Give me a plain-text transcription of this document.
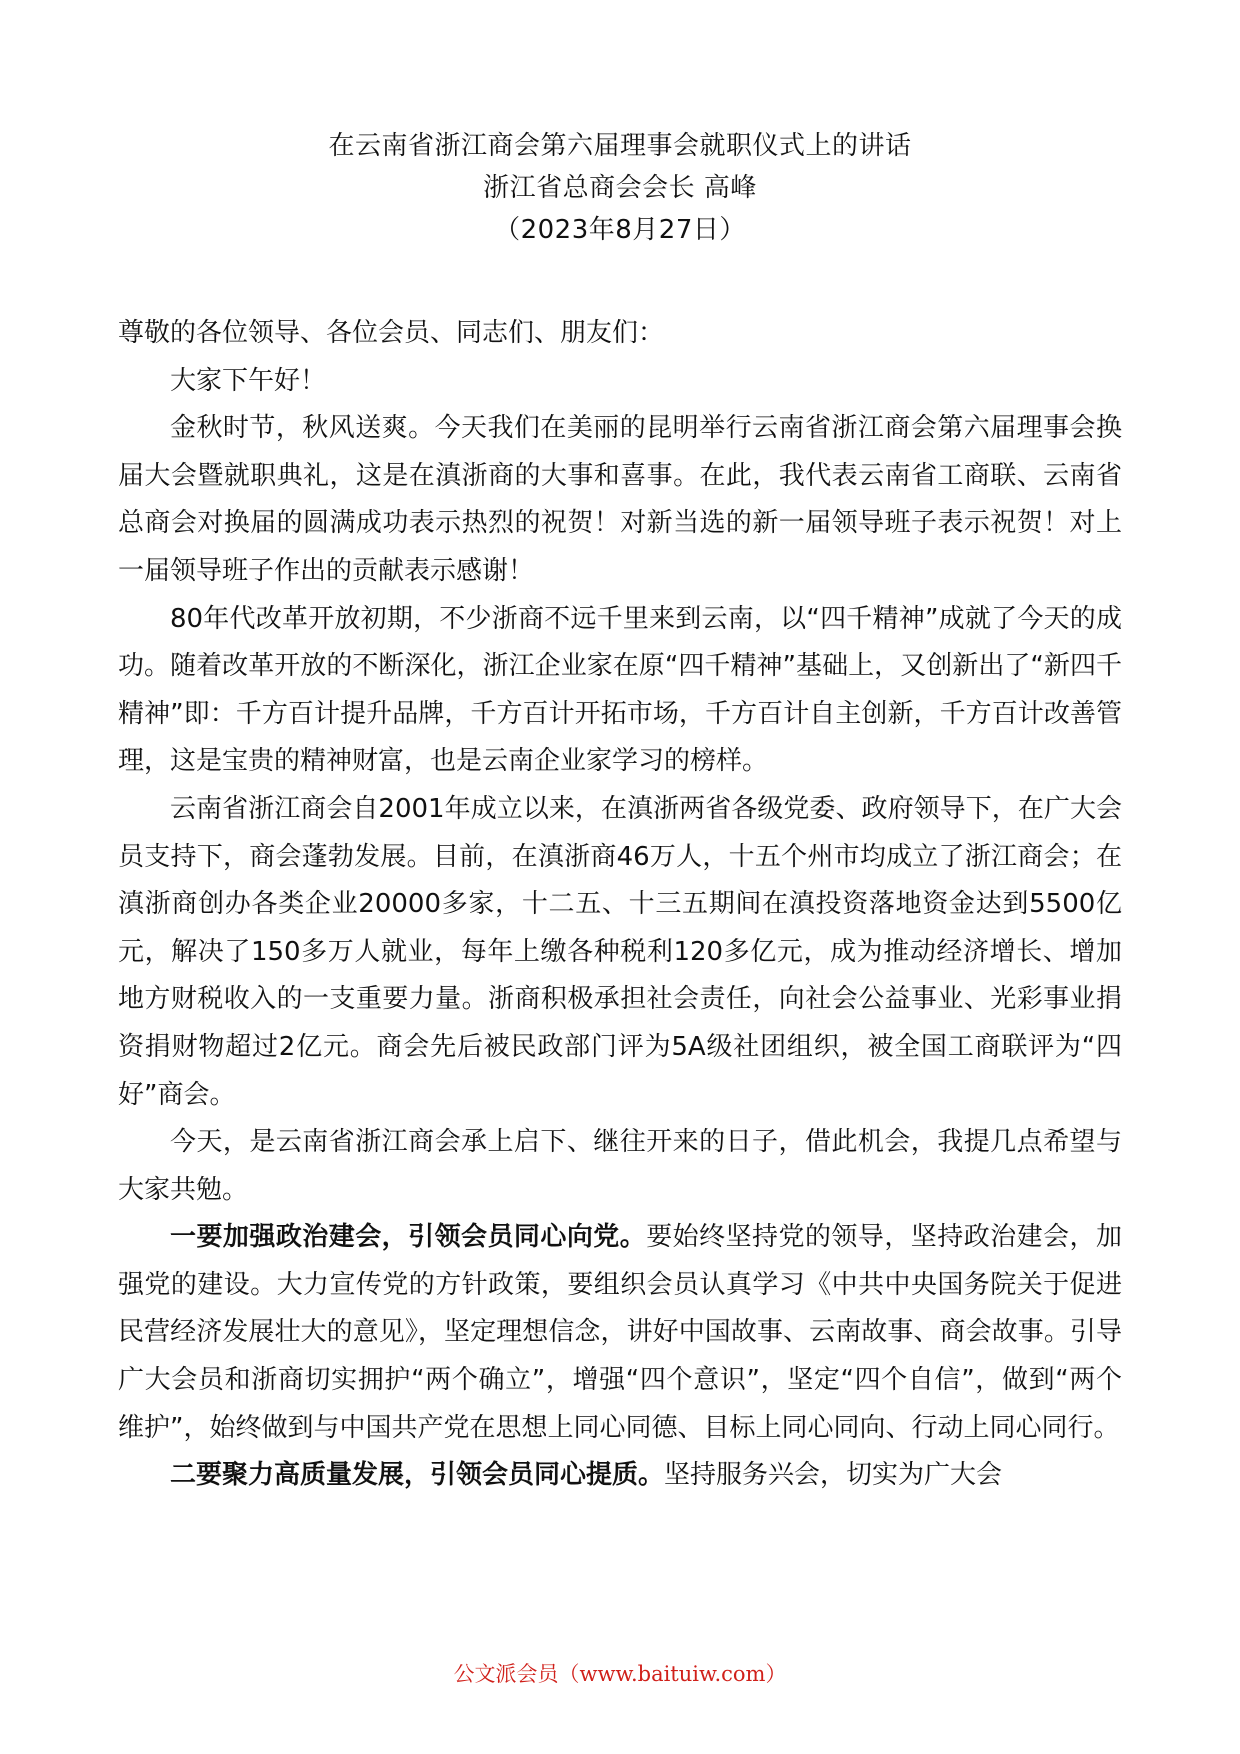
在云南省浙江商会第六届理事会就职仪式上的讲话
浙江省总商会会长 高峰
（2023年8月27日）

尊敬的各位领导、各位会员、同志们、朋友们：

大家下午好！

金秋时节，秋风送爽。今天我们在美丽的昆明举行云南省浙江商会第六届理事会换届大会暨就职典礼，这是在滇浙商的大事和喜事。在此，我代表云南省工商联、云南省总商会对换届的圆满成功表示热烈的祝贺！对新当选的新一届领导班子表示祝贺！对上一届领导班子作出的贡献表示感谢！

80年代改革开放初期，不少浙商不远千里来到云南，以“四千精神”成就了今天的成功。随着改革开放的不断深化，浙江企业家在原“四千精神”基础上，又创新出了“新四千精神”即：千方百计提升品牌，千方百计开拓市场，千方百计自主创新，千方百计改善管理，这是宝贵的精神财富，也是云南企业家学习的榜样。

云南省浙江商会自2001年成立以来，在滇浙两省各级党委、政府领导下，在广大会员支持下，商会蓬勃发展。目前，在滇浙商46万人，十五个州市均成立了浙江商会；在滇浙商创办各类企业20000多家，十二五、十三五期间在滇投资落地资金达到5500亿元，解决了150多万人就业，每年上缴各种税利120多亿元，成为推动经济增长、增加地方财税收入的一支重要力量。浙商积极承担社会责任，向社会公益事业、光彩事业捐资捐财物超过2亿元。商会先后被民政部门评为5A级社团组织，被全国工商联评为“四好”商会。

今天，是云南省浙江商会承上启下、继往开来的日子，借此机会，我提几点希望与大家共勉。

一要加强政治建会，引领会员同心向党。要始终坚持党的领导，坚持政治建会，加强党的建设。大力宣传党的方针政策，要组织会员认真学习《中共中央国务院关于促进民营经济发展壮大的意见》，坚定理想信念，讲好中国故事、云南故事、商会故事。引导广大会员和浙商切实拥护“两个确立”，增强“四个意识”，坚定“四个自信”，做到“两个维护”，始终做到与中国共产党在思想上同心同德、目标上同心同向、行动上同心同行。

二要聚力高质量发展，引领会员同心提质。坚持服务兴会，切实为广大会

公文派会员（www.baituiw.com）
